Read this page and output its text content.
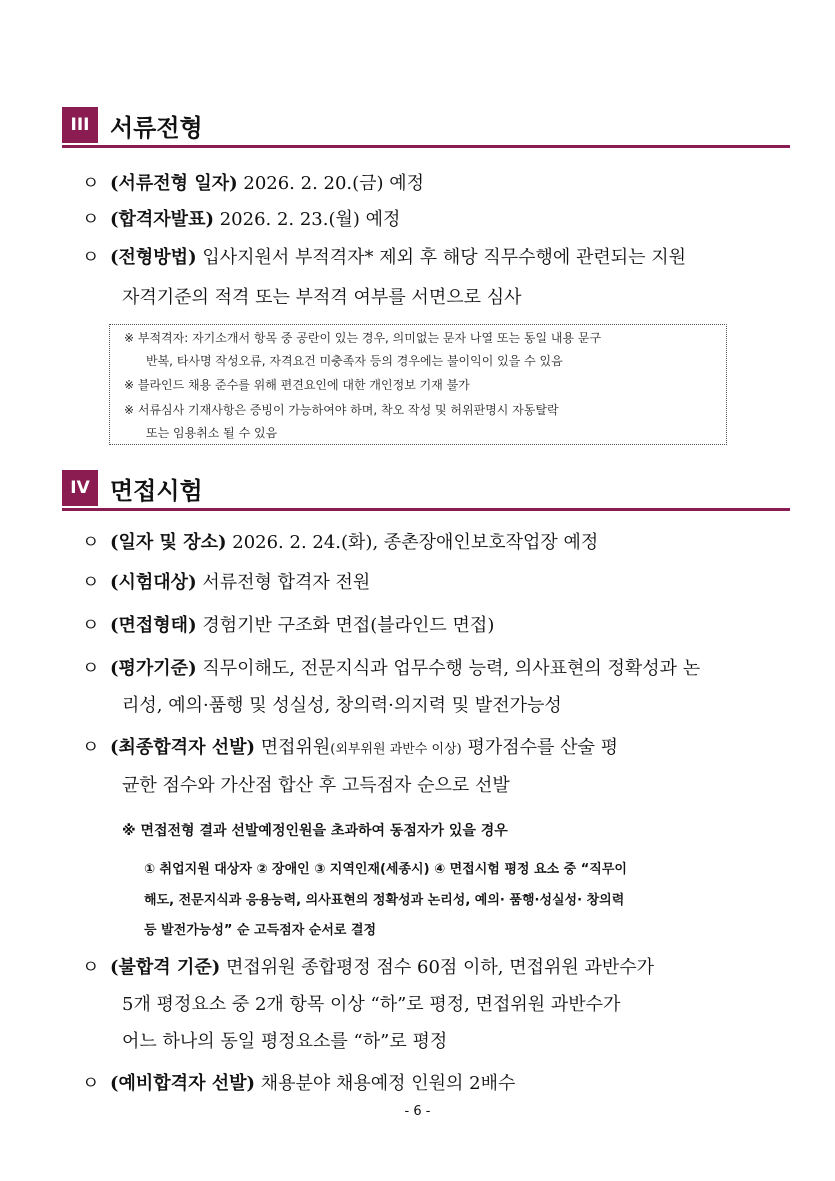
III 서류전형
ㅇ (서류전형 일자) 2026. 2. 20.(금) 예정
ㅇ (합격자발표) 2026. 2. 23.(월) 예정
ㅇ (전형방법) 입사지원서 부적격자* 제외 후 해당 직무수행에 관련되는 지원
자격기준의 적격 또는 부적격 여부를 서면으로 심사
※ 부적격자: 자기소개서 항목 중 공란이 있는 경우, 의미없는 문자 나열 또는 동일 내용 문구
반복, 타사명 작성오류, 자격요건 미충족자 등의 경우에는 불이익이 있을 수 있음
※ 블라인드 채용 준수를 위해 편견요인에 대한 개인정보 기재 불가
※ 서류심사 기재사항은 증빙이 가능하여야 하며, 착오 작성 및 허위판명시 자동탈락
또는 임용취소 될 수 있음
IV 면접시험
ㅇ (일자 및 장소) 2026. 2. 24.(화), 종촌장애인보호작업장 예정
ㅇ (시험대상) 서류전형 합격자 전원
ㅇ (면접형태) 경험기반 구조화 면접(블라인드 면접)
ㅇ (평가기준) 직무이해도, 전문지식과 업무수행 능력, 의사표현의 정확성과 논
리성, 예의·품행 및 성실성, 창의력·의지력 및 발전가능성
ㅇ (최종합격자 선발) 면접위원(외부위원 과반수 이상) 평가점수를 산술 평
균한 점수와 가산점 합산 후 고득점자 순으로 선발
※ 면접전형 결과 선발예정인원을 초과하여 동점자가 있을 경우
① 취업지원 대상자 ② 장애인 ③ 지역인재(세종시) ④ 면접시험 평정 요소 중 “직무이
해도, 전문지식과 응용능력, 의사표현의 정확성과 논리성, 예의· 품행·성실성· 창의력
등 발전가능성” 순 고득점자 순서로 결정
ㅇ (불합격 기준) 면접위원 종합평정 점수 60점 이하, 면접위원 과반수가
5개 평정요소 중 2개 항목 이상 “하”로 평정, 면접위원 과반수가
어느 하나의 동일 평정요소를 “하”로 평정
ㅇ (예비합격자 선발) 채용분야 채용예정 인원의 2배수
- 6 -
